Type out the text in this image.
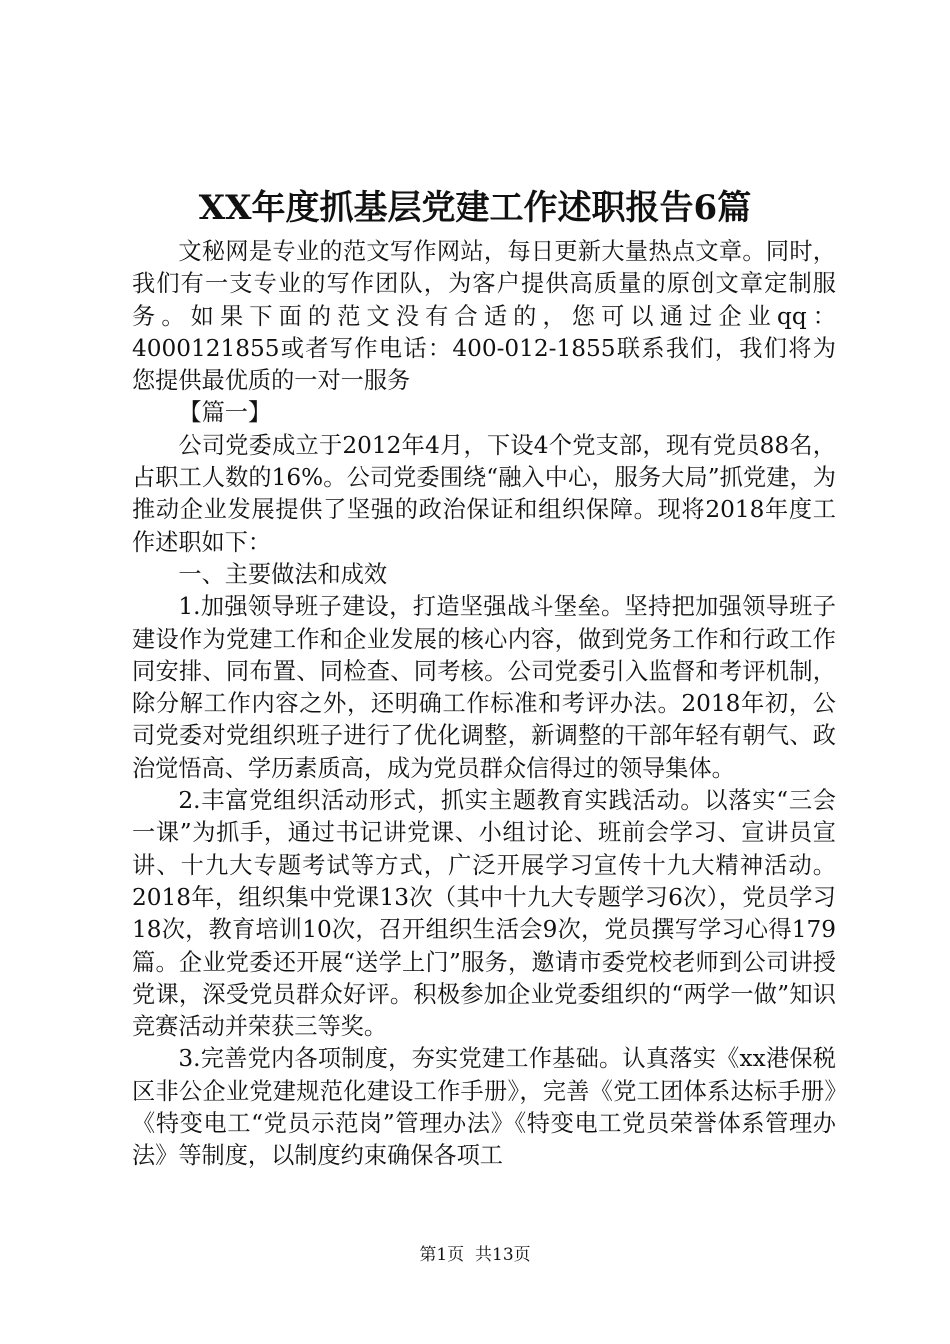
XX年度抓基层党建工作述职报告6篇

文秘网是专业的范文写作网站，每日更新大量热点文章。同时，我们有一支专业的写作团队，为客户提供高质量的原创文章定制服务。如果下面的范文没有合适的，您可以通过企业qq：4000121855或者写作电话：400-012-1855联系我们，我们将为您提供最优质的一对一服务

【篇一】

公司党委成立于2012年4月，下设4个党支部，现有党员88名，占职工人数的16%。公司党委围绕“融入中心，服务大局”抓党建，为推动企业发展提供了坚强的政治保证和组织保障。现将2018年度工作述职如下：

一、主要做法和成效

1.加强领导班子建设，打造坚强战斗堡垒。坚持把加强领导班子建设作为党建工作和企业发展的核心内容，做到党务工作和行政工作同安排、同布置、同检查、同考核。公司党委引入监督和考评机制，除分解工作内容之外，还明确工作标准和考评办法。2018年初，公司党委对党组织班子进行了优化调整，新调整的干部年轻有朝气、政治觉悟高、学历素质高，成为党员群众信得过的领导集体。

2.丰富党组织活动形式，抓实主题教育实践活动。以落实“三会一课”为抓手，通过书记讲党课、小组讨论、班前会学习、宣讲员宣讲、十九大专题考试等方式，广泛开展学习宣传十九大精神活动。2018年，组织集中党课13次（其中十九大专题学习6次），党员学习18次，教育培训10次，召开组织生活会9次，党员撰写学习心得179篇。企业党委还开展“送学上门”服务，邀请市委党校老师到公司讲授党课，深受党员群众好评。积极参加企业党委组织的“两学一做”知识竞赛活动并荣获三等奖。

3.完善党内各项制度，夯实党建工作基础。认真落实《xx港保税区非公企业党建规范化建设工作手册》，完善《党工团体系达标手册》《特变电工“党员示范岗”管理办法》《特变电工党员荣誉体系管理办法》等制度，以制度约束确保各项工

第1页 共13页
